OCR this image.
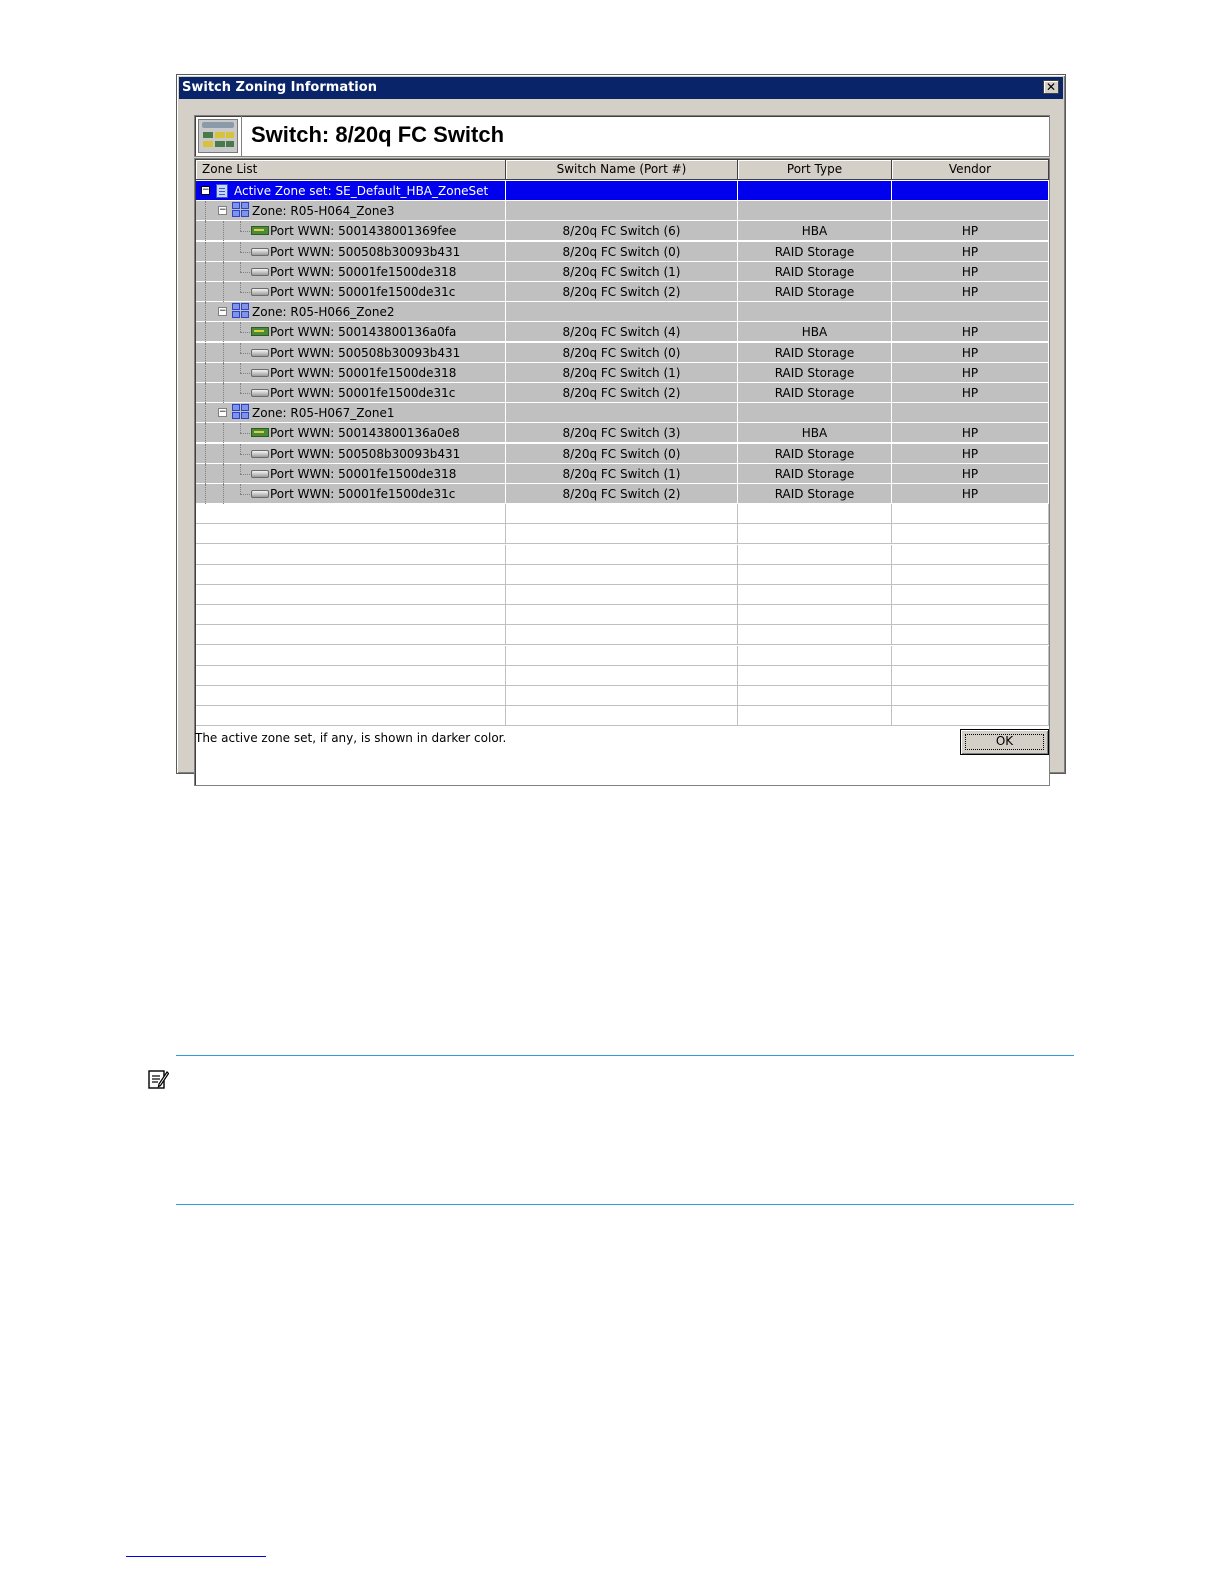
Switch Zoning Information	✕
Switch: 8/20q FC Switch
Zone List	Switch Name (Port #)	Port Type	Vendor
− Active Zone set: SE_Default_HBA_ZoneSet
− Zone: R05-H064_Zone3
Port WWN: 5001438001369fee	8/20q FC Switch (6)	HBA	HP
Port WWN: 500508b30093b431	8/20q FC Switch (0)	RAID Storage	HP
Port WWN: 50001fe1500de318	8/20q FC Switch (1)	RAID Storage	HP
Port WWN: 50001fe1500de31c	8/20q FC Switch (2)	RAID Storage	HP
− Zone: R05-H066_Zone2
Port WWN: 500143800136a0fa	8/20q FC Switch (4)	HBA	HP
Port WWN: 500508b30093b431	8/20q FC Switch (0)	RAID Storage	HP
Port WWN: 50001fe1500de318	8/20q FC Switch (1)	RAID Storage	HP
Port WWN: 50001fe1500de31c	8/20q FC Switch (2)	RAID Storage	HP
− Zone: R05-H067_Zone1
Port WWN: 500143800136a0e8	8/20q FC Switch (3)	HBA	HP
Port WWN: 500508b30093b431	8/20q FC Switch (0)	RAID Storage	HP
Port WWN: 50001fe1500de318	8/20q FC Switch (1)	RAID Storage	HP
Port WWN: 50001fe1500de31c	8/20q FC Switch (2)	RAID Storage	HP
The active zone set, if any, is shown in darker color.	OK
